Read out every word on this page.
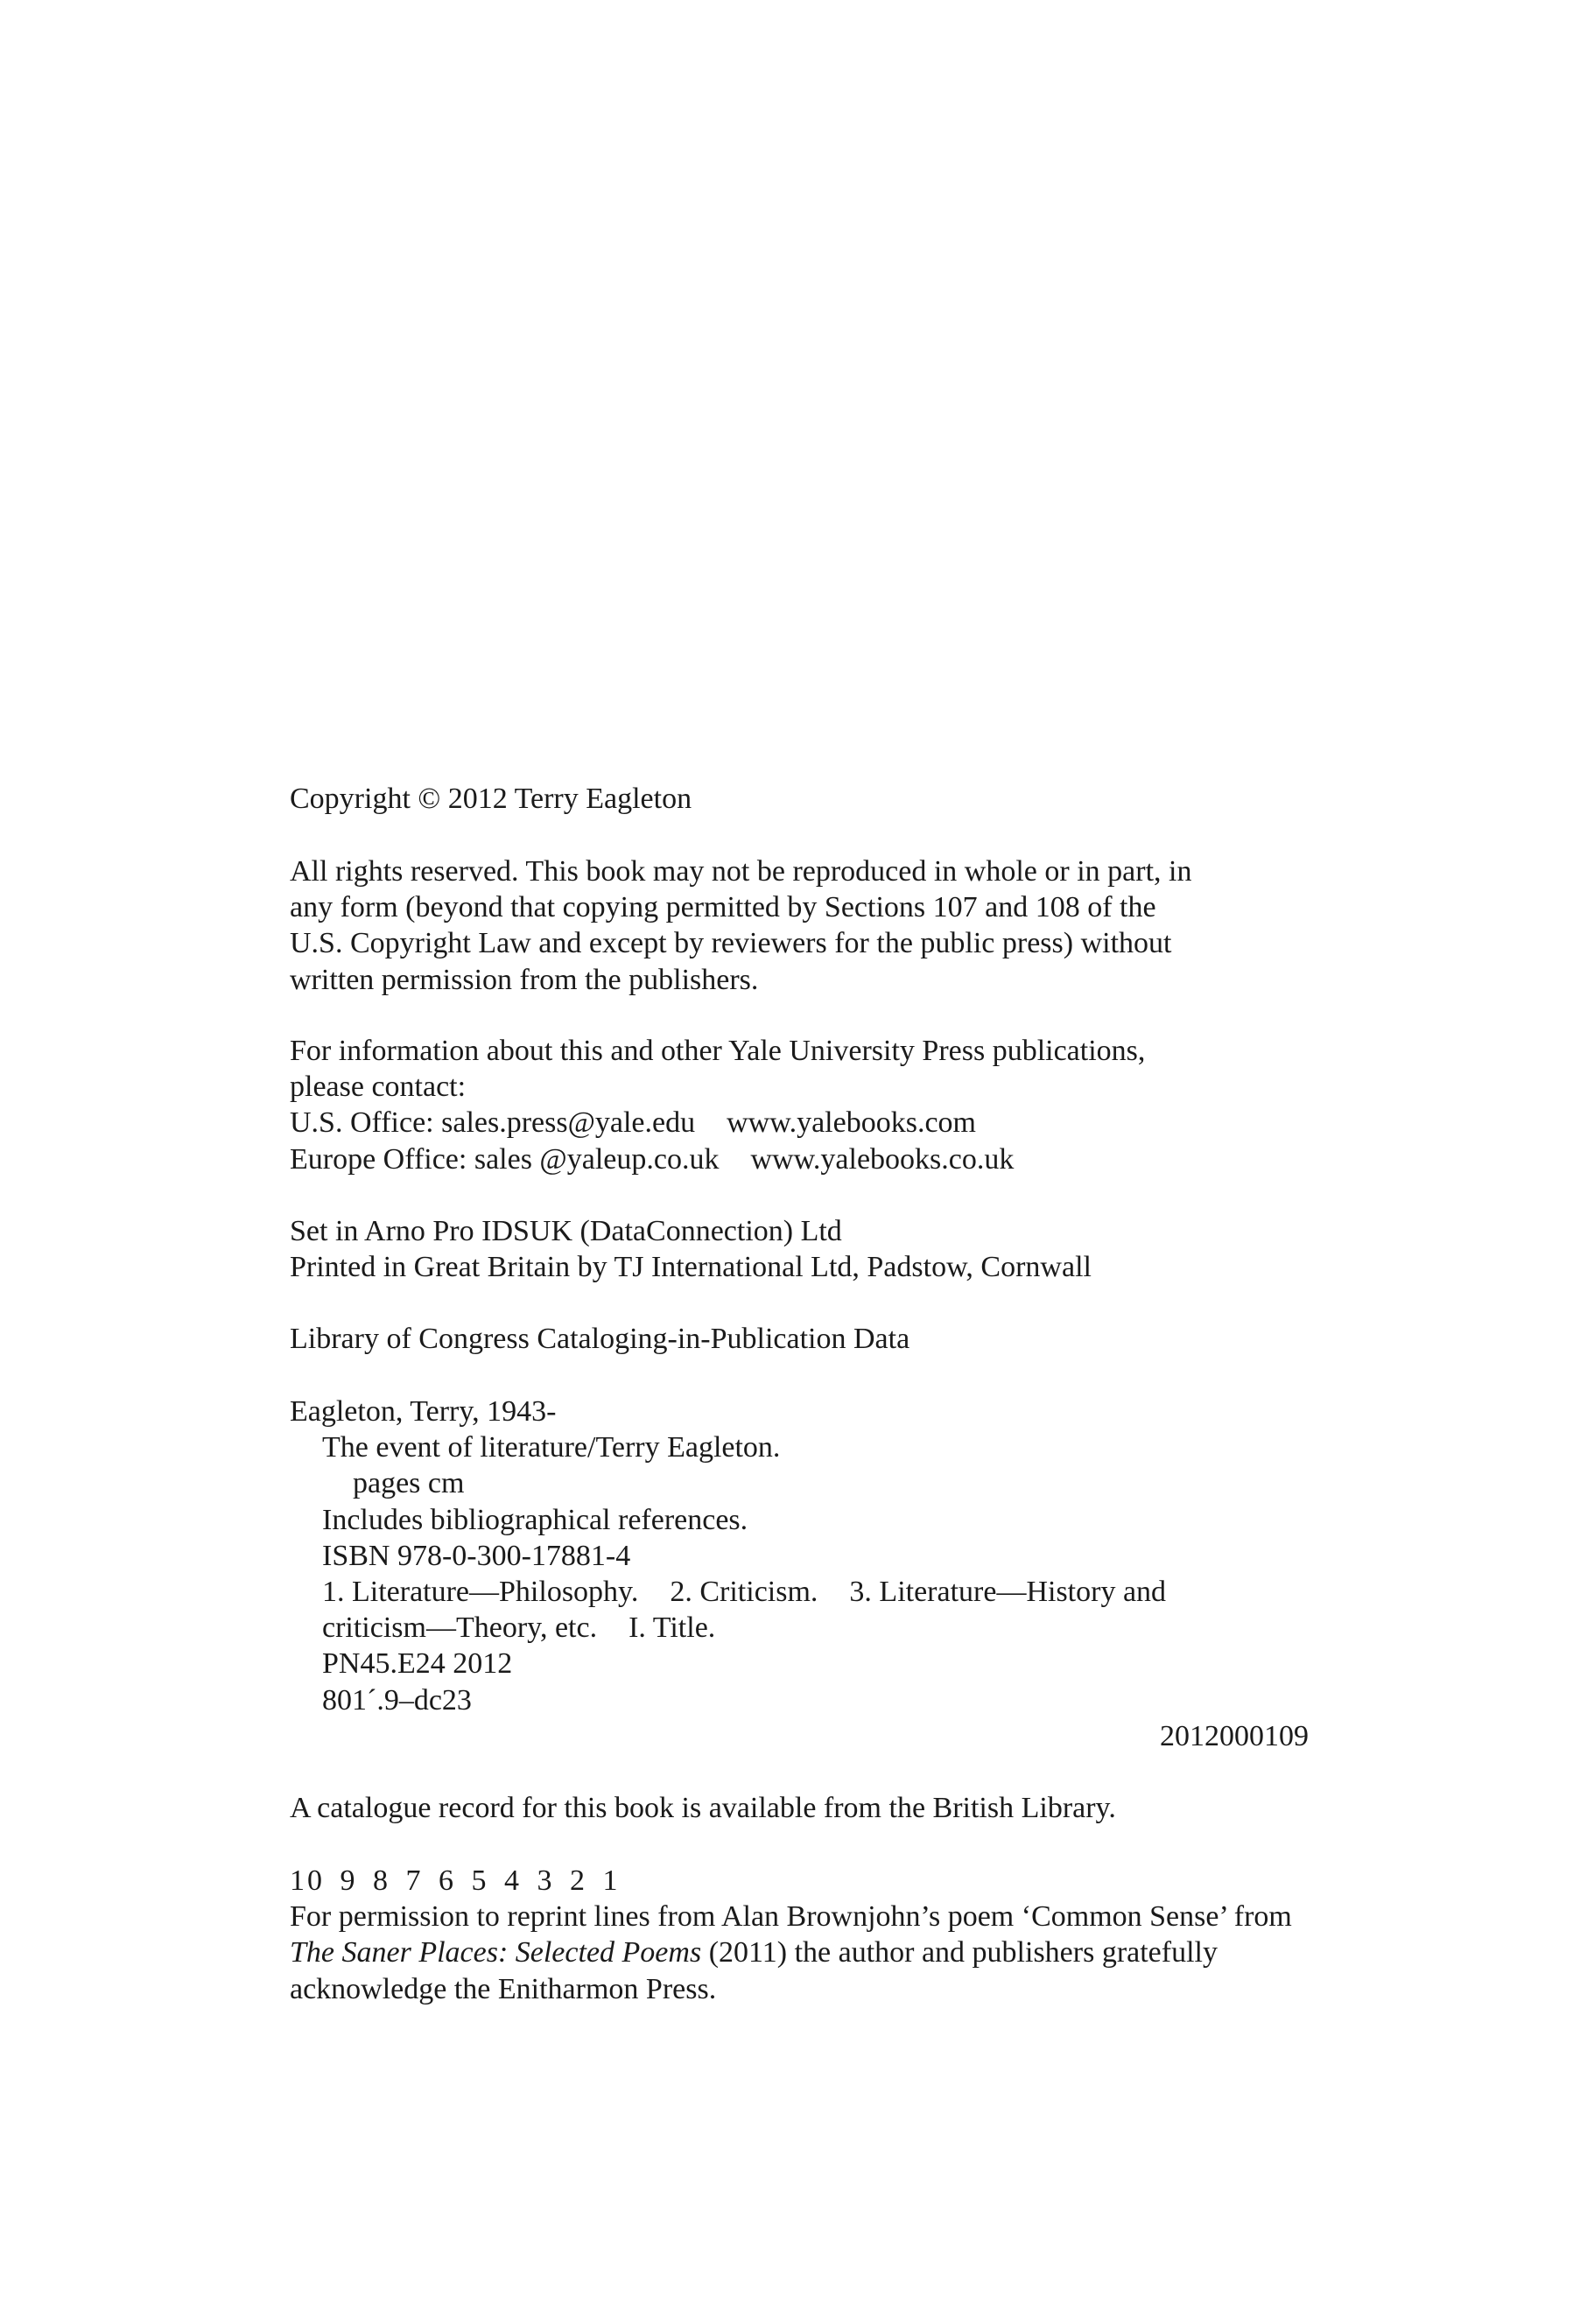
Copyright © 2012 Terry Eagleton
All rights reserved. This book may not be reproduced in whole or in part, in
any form (beyond that copying permitted by Sections 107 and 108 of the
U.S. Copyright Law and except by reviewers for the public press) without
written permission from the publishers.
For information about this and other Yale University Press publications,
please contact:
U.S. Office: sales.press@yale.edu www.yalebooks.com
Europe Office: sales @yaleup.co.uk www.yalebooks.co.uk
Set in Arno Pro IDSUK (DataConnection) Ltd
Printed in Great Britain by TJ International Ltd, Padstow, Cornwall
Library of Congress Cataloging-in-Publication Data
Eagleton, Terry, 1943-
The event of literature/Terry Eagleton.
pages cm
Includes bibliographical references.
ISBN 978-0-300-17881-4
1. Literature—Philosophy. 2. Criticism. 3. Literature—History and
criticism—Theory, etc. I. Title.
PN45.E24 2012
801´.9–dc23
2012000109
A catalogue record for this book is available from the British Library.
10 9 8 7 6 5 4 3 2 1
For permission to reprint lines from Alan Brownjohn’s poem ‘Common Sense’ from
The Saner Places: Selected Poems (2011) the author and publishers gratefully
acknowledge the Enitharmon Press.
